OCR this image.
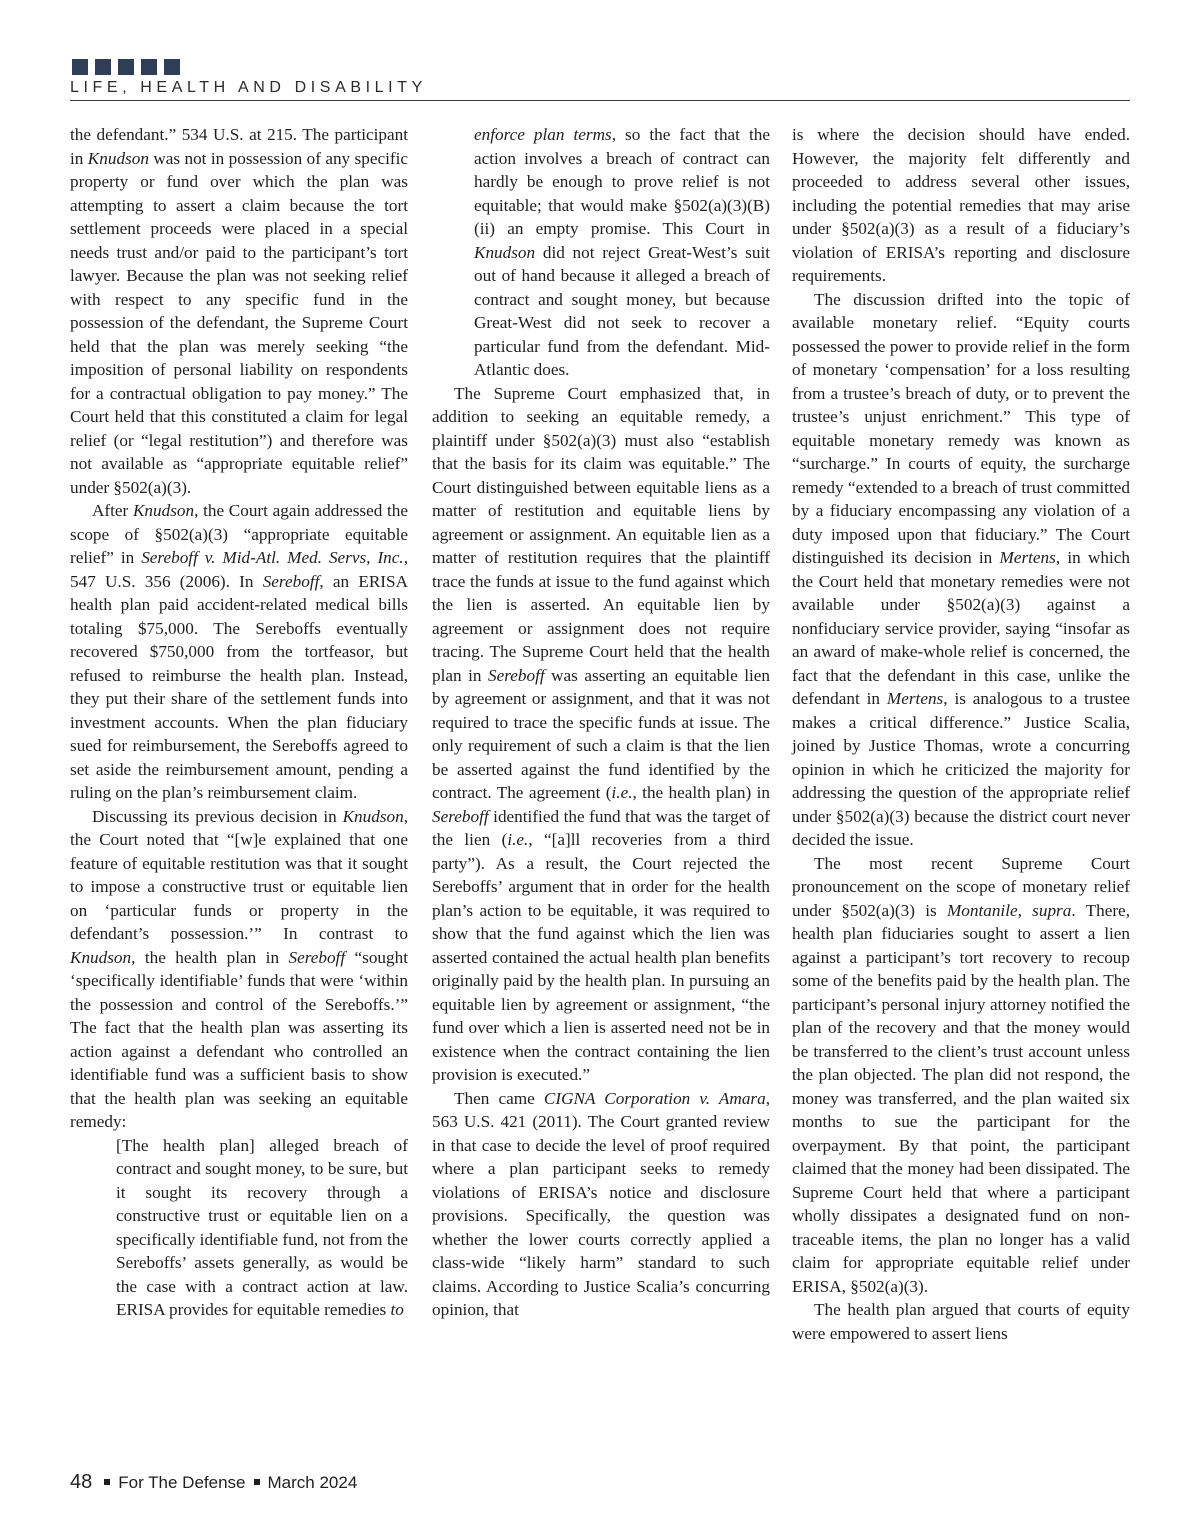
LIFE, HEALTH AND DISABILITY

the defendant.” 534 U.S. at 215. The participant in Knudson was not in possession of any specific property or fund over which the plan was attempting to assert a claim because the tort settlement proceeds were placed in a special needs trust and/or paid to the participant’s tort lawyer. Because the plan was not seeking relief with respect to any specific fund in the possession of the defendant, the Supreme Court held that the plan was merely seeking “the imposition of personal liability on respondents for a contractual obligation to pay money.” The Court held that this constituted a claim for legal relief (or “legal restitution”) and therefore was not available as “appropriate equitable relief” under §502(a)(3).

After Knudson, the Court again addressed the scope of §502(a)(3) “appropriate equitable relief” in Sereboff v. Mid-Atl. Med. Servs, Inc., 547 U.S. 356 (2006). In Sereboff, an ERISA health plan paid accident-related medical bills totaling $75,000. The Sereboffs eventually recovered $750,000 from the tortfeasor, but refused to reimburse the health plan. Instead, they put their share of the settlement funds into investment accounts. When the plan fiduciary sued for reimbursement, the Sereboffs agreed to set aside the reimbursement amount, pending a ruling on the plan’s reimbursement claim.

Discussing its previous decision in Knudson, the Court noted that “[w]e explained that one feature of equitable restitution was that it sought to impose a constructive trust or equitable lien on ‘particular funds or property in the defendant’s possession.’” In contrast to Knudson, the health plan in Sereboff “sought ‘specifically identifiable’ funds that were ‘within the possession and control of the Sereboffs.’” The fact that the health plan was asserting its action against a defendant who controlled an identifiable fund was a sufficient basis to show that the health plan was seeking an equitable remedy:

[The health plan] alleged breach of contract and sought money, to be sure, but it sought its recovery through a constructive trust or equitable lien on a specifically identifiable fund, not from the Sereboffs’ assets generally, as would be the case with a contract action at law. ERISA provides for equitable remedies to
enforce plan terms, so the fact that the action involves a breach of contract can hardly be enough to prove relief is not equitable; that would make §502(a)(3)(B)(ii) an empty promise. This Court in Knudson did not reject Great-West’s suit out of hand because it alleged a breach of contract and sought money, but because Great-West did not seek to recover a particular fund from the defendant. Mid-Atlantic does.

The Supreme Court emphasized that, in addition to seeking an equitable remedy, a plaintiff under §502(a)(3) must also “establish that the basis for its claim was equitable.” The Court distinguished between equitable liens as a matter of restitution and equitable liens by agreement or assignment. An equitable lien as a matter of restitution requires that the plaintiff trace the funds at issue to the fund against which the lien is asserted. An equitable lien by agreement or assignment does not require tracing. The Supreme Court held that the health plan in Sereboff was asserting an equitable lien by agreement or assignment, and that it was not required to trace the specific funds at issue. The only requirement of such a claim is that the lien be asserted against the fund identified by the contract. The agreement (i.e., the health plan) in Sereboff identified the fund that was the target of the lien (i.e., “[a]ll recoveries from a third party”). As a result, the Court rejected the Sereboffs’ argument that in order for the health plan’s action to be equitable, it was required to show that the fund against which the lien was asserted contained the actual health plan benefits originally paid by the health plan. In pursuing an equitable lien by agreement or assignment, “the fund over which a lien is asserted need not be in existence when the contract containing the lien provision is executed.”

Then came CIGNA Corporation v. Amara, 563 U.S. 421 (2011). The Court granted review in that case to decide the level of proof required where a plan participant seeks to remedy violations of ERISA’s notice and disclosure provisions. Specifically, the question was whether the lower courts correctly applied a class-wide “likely harm” standard to such claims. According to Justice Scalia’s concurring opinion, that

is where the decision should have ended. However, the majority felt differently and proceeded to address several other issues, including the potential remedies that may arise under §502(a)(3) as a result of a fiduciary’s violation of ERISA’s reporting and disclosure requirements.

The discussion drifted into the topic of available monetary relief. “Equity courts possessed the power to provide relief in the form of monetary ‘compensation’ for a loss resulting from a trustee’s breach of duty, or to prevent the trustee’s unjust enrichment.” This type of equitable monetary remedy was known as “surcharge.” In courts of equity, the surcharge remedy “extended to a breach of trust committed by a fiduciary encompassing any violation of a duty imposed upon that fiduciary.” The Court distinguished its decision in Mertens, in which the Court held that monetary remedies were not available under §502(a)(3) against a nonfiduciary service provider, saying “insofar as an award of make-whole relief is concerned, the fact that the defendant in this case, unlike the defendant in Mertens, is analogous to a trustee makes a critical difference.” Justice Scalia, joined by Justice Thomas, wrote a concurring opinion in which he criticized the majority for addressing the question of the appropriate relief under §502(a)(3) because the district court never decided the issue.

The most recent Supreme Court pronouncement on the scope of monetary relief under §502(a)(3) is Montanile, supra. There, health plan fiduciaries sought to assert a lien against a participant’s tort recovery to recoup some of the benefits paid by the health plan. The participant’s personal injury attorney notified the plan of the recovery and that the money would be transferred to the client’s trust account unless the plan objected. The plan did not respond, the money was transferred, and the plan waited six months to sue the participant for the overpayment. By that point, the participant claimed that the money had been dissipated. The Supreme Court held that where a participant wholly dissipates a designated fund on non-traceable items, the plan no longer has a valid claim for appropriate equitable relief under ERISA, §502(a)(3).

The health plan argued that courts of equity were empowered to assert liens

48 For The Defense March 2024
